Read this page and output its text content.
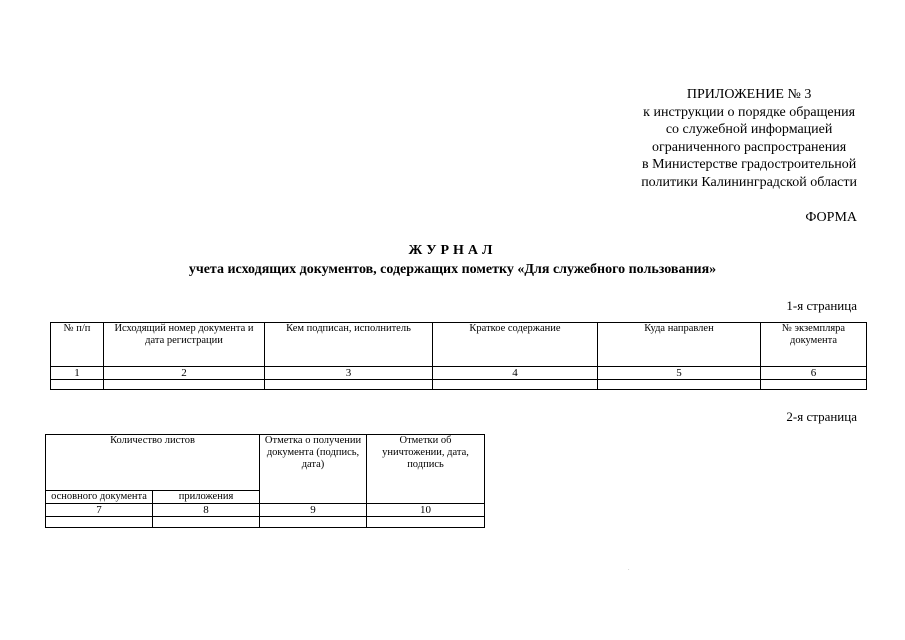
ПРИЛОЖЕНИЕ № 3
к инструкции о порядке обращения
со служебной информацией
ограниченного распространения
в Министерстве градостроительной
политики Калининградской области
ФОРМА
ЖУРНАЛ
учета исходящих документов, содержащих пометку «Для служебного пользования»
1-я страница
№ п/п	Исходящий номер документа и дата регистрации	Кем подписан, исполнитель	Краткое содержание	Куда направлен	№ экземпляра документа
1	2	3	4	5	6

2-я страница
Количество листов		Отметка о получении документа (подпись, дата)	Отметки об уничтожении, дата, подпись
основного документа	приложения		
7	8	9	10

.
